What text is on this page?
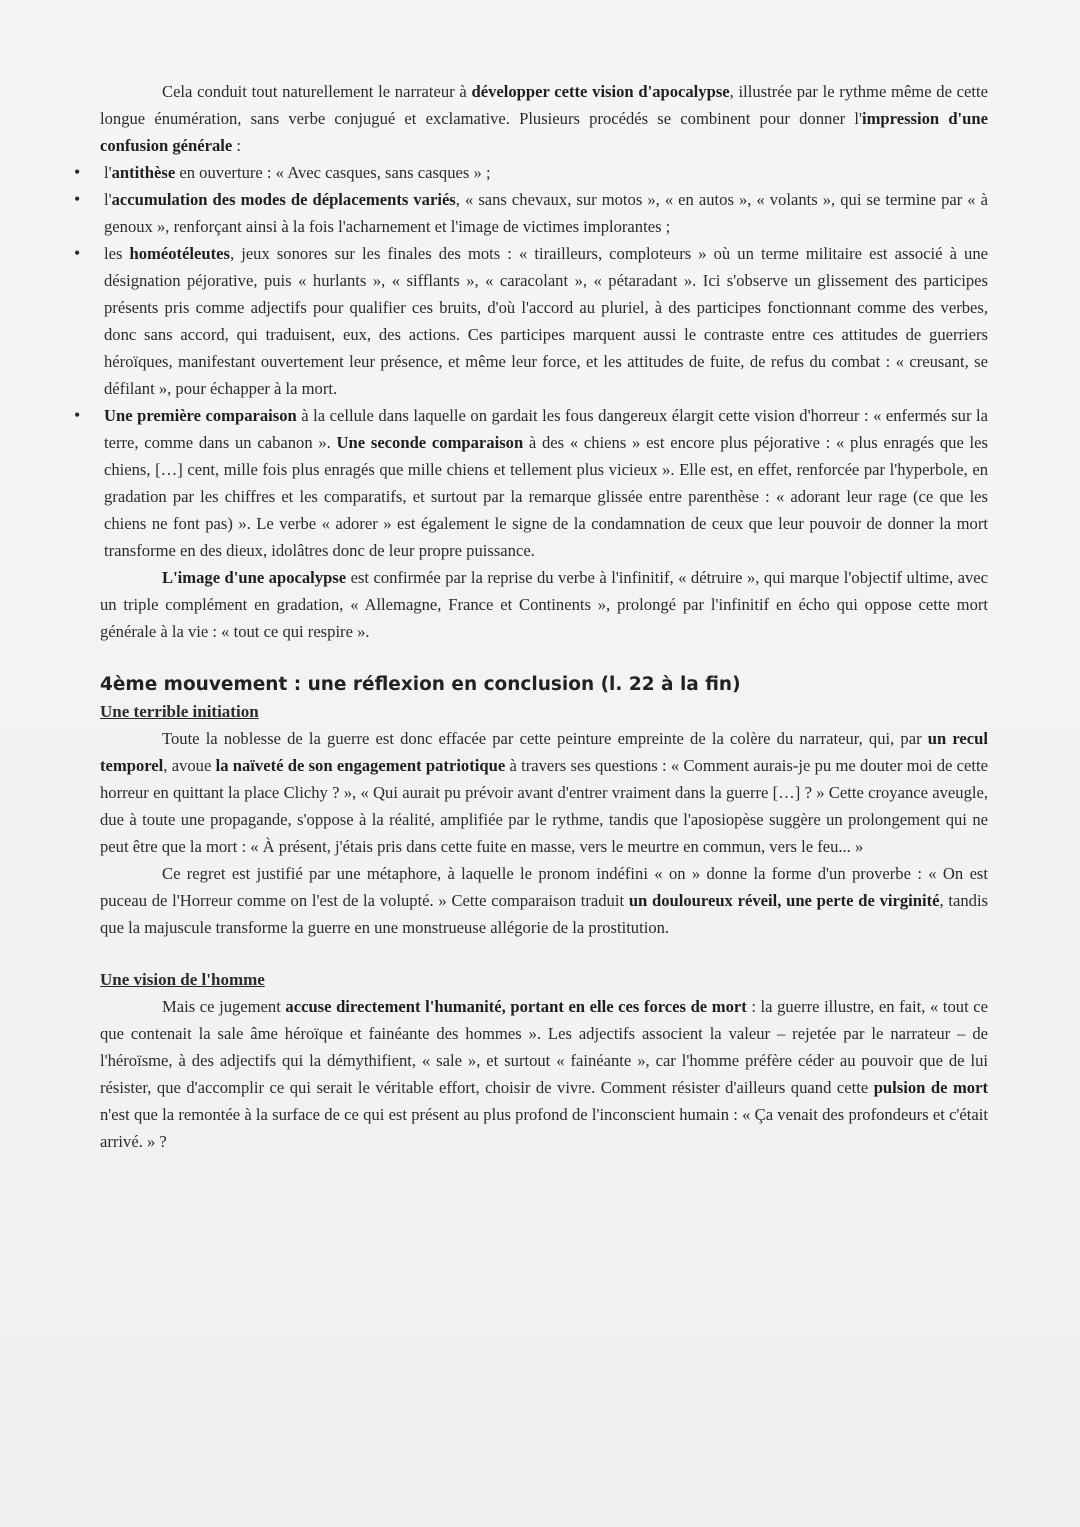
Cela conduit tout naturellement le narrateur à développer cette vision d'apocalypse, illustrée par le rythme même de cette longue énumération, sans verbe conjugué et exclamative. Plusieurs procédés se combinent pour donner l'impression d'une confusion générale :

• l'antithèse en ouverture : « Avec casques, sans casques » ;
• l'accumulation des modes de déplacements variés, « sans chevaux, sur motos », « en autos », « volants », qui se termine par « à genoux », renforçant ainsi à la fois l'acharnement et l'image de victimes implorantes ;
• les homéotéleutes, jeux sonores sur les finales des mots : « tirailleurs, comploteurs » où un terme militaire est associé à une désignation péjorative, puis « hurlants », « sifflants », « caracolant », « pétaradant ». Ici s'observe un glissement des participes présents pris comme adjectifs pour qualifier ces bruits, d'où l'accord au pluriel, à des participes fonctionnant comme des verbes, donc sans accord, qui traduisent, eux, des actions. Ces participes marquent aussi le contraste entre ces attitudes de guerriers héroïques, manifestant ouvertement leur présence, et même leur force, et les attitudes de fuite, de refus du combat : « creusant, se défilant », pour échapper à la mort.
• Une première comparaison à la cellule dans laquelle on gardait les fous dangereux élargit cette vision d'horreur : « enfermés sur la terre, comme dans un cabanon ». Une seconde comparaison à des « chiens » est encore plus péjorative : « plus enragés que les chiens, […] cent, mille fois plus enragés que mille chiens et tellement plus vicieux ». Elle est, en effet, renforcée par l'hyperbole, en gradation par les chiffres et les comparatifs, et surtout par la remarque glissée entre parenthèse : « adorant leur rage (ce que les chiens ne font pas) ». Le verbe « adorer » est également le signe de la condamnation de ceux que leur pouvoir de donner la mort transforme en des dieux, idolâtres donc de leur propre puissance.

L'image d'une apocalypse est confirmée par la reprise du verbe à l'infinitif, « détruire », qui marque l'objectif ultime, avec un triple complément en gradation, « Allemagne, France et Continents », prolongé par l'infinitif en écho qui oppose cette mort générale à la vie : « tout ce qui respire ».

4ème mouvement : une réflexion en conclusion (l. 22 à la fin)
Une terrible initiation

Toute la noblesse de la guerre est donc effacée par cette peinture empreinte de la colère du narrateur, qui, par un recul temporel, avoue la naïveté de son engagement patriotique à travers ses questions : « Comment aurais-je pu me douter moi de cette horreur en quittant la place Clichy ? », « Qui aurait pu prévoir avant d'entrer vraiment dans la guerre […] ? » Cette croyance aveugle, due à toute une propagande, s'oppose à la réalité, amplifiée par le rythme, tandis que l'aposiopèse suggère un prolongement qui ne peut être que la mort : « À présent, j'étais pris dans cette fuite en masse, vers le meurtre en commun, vers le feu... »

Ce regret est justifié par une métaphore, à laquelle le pronom indéfini « on » donne la forme d'un proverbe : « On est puceau de l'Horreur comme on l'est de la volupté. » Cette comparaison traduit un douloureux réveil, une perte de virginité, tandis que la majuscule transforme la guerre en une monstrueuse allégorie de la prostitution.

Une vision de l'homme

Mais ce jugement accuse directement l'humanité, portant en elle ces forces de mort : la guerre illustre, en fait, « tout ce que contenait la sale âme héroïque et fainéante des hommes ». Les adjectifs associent la valeur – rejetée par le narrateur – de l'héroïsme, à des adjectifs qui la démythifient, « sale », et surtout « fainéante », car l'homme préfère céder au pouvoir que de lui résister, que d'accomplir ce qui serait le véritable effort, choisir de vivre. Comment résister d'ailleurs quand cette pulsion de mort n'est que la remontée à la surface de ce qui est présent au plus profond de l'inconscient humain : « Ça venait des profondeurs et c'était arrivé. » ?
